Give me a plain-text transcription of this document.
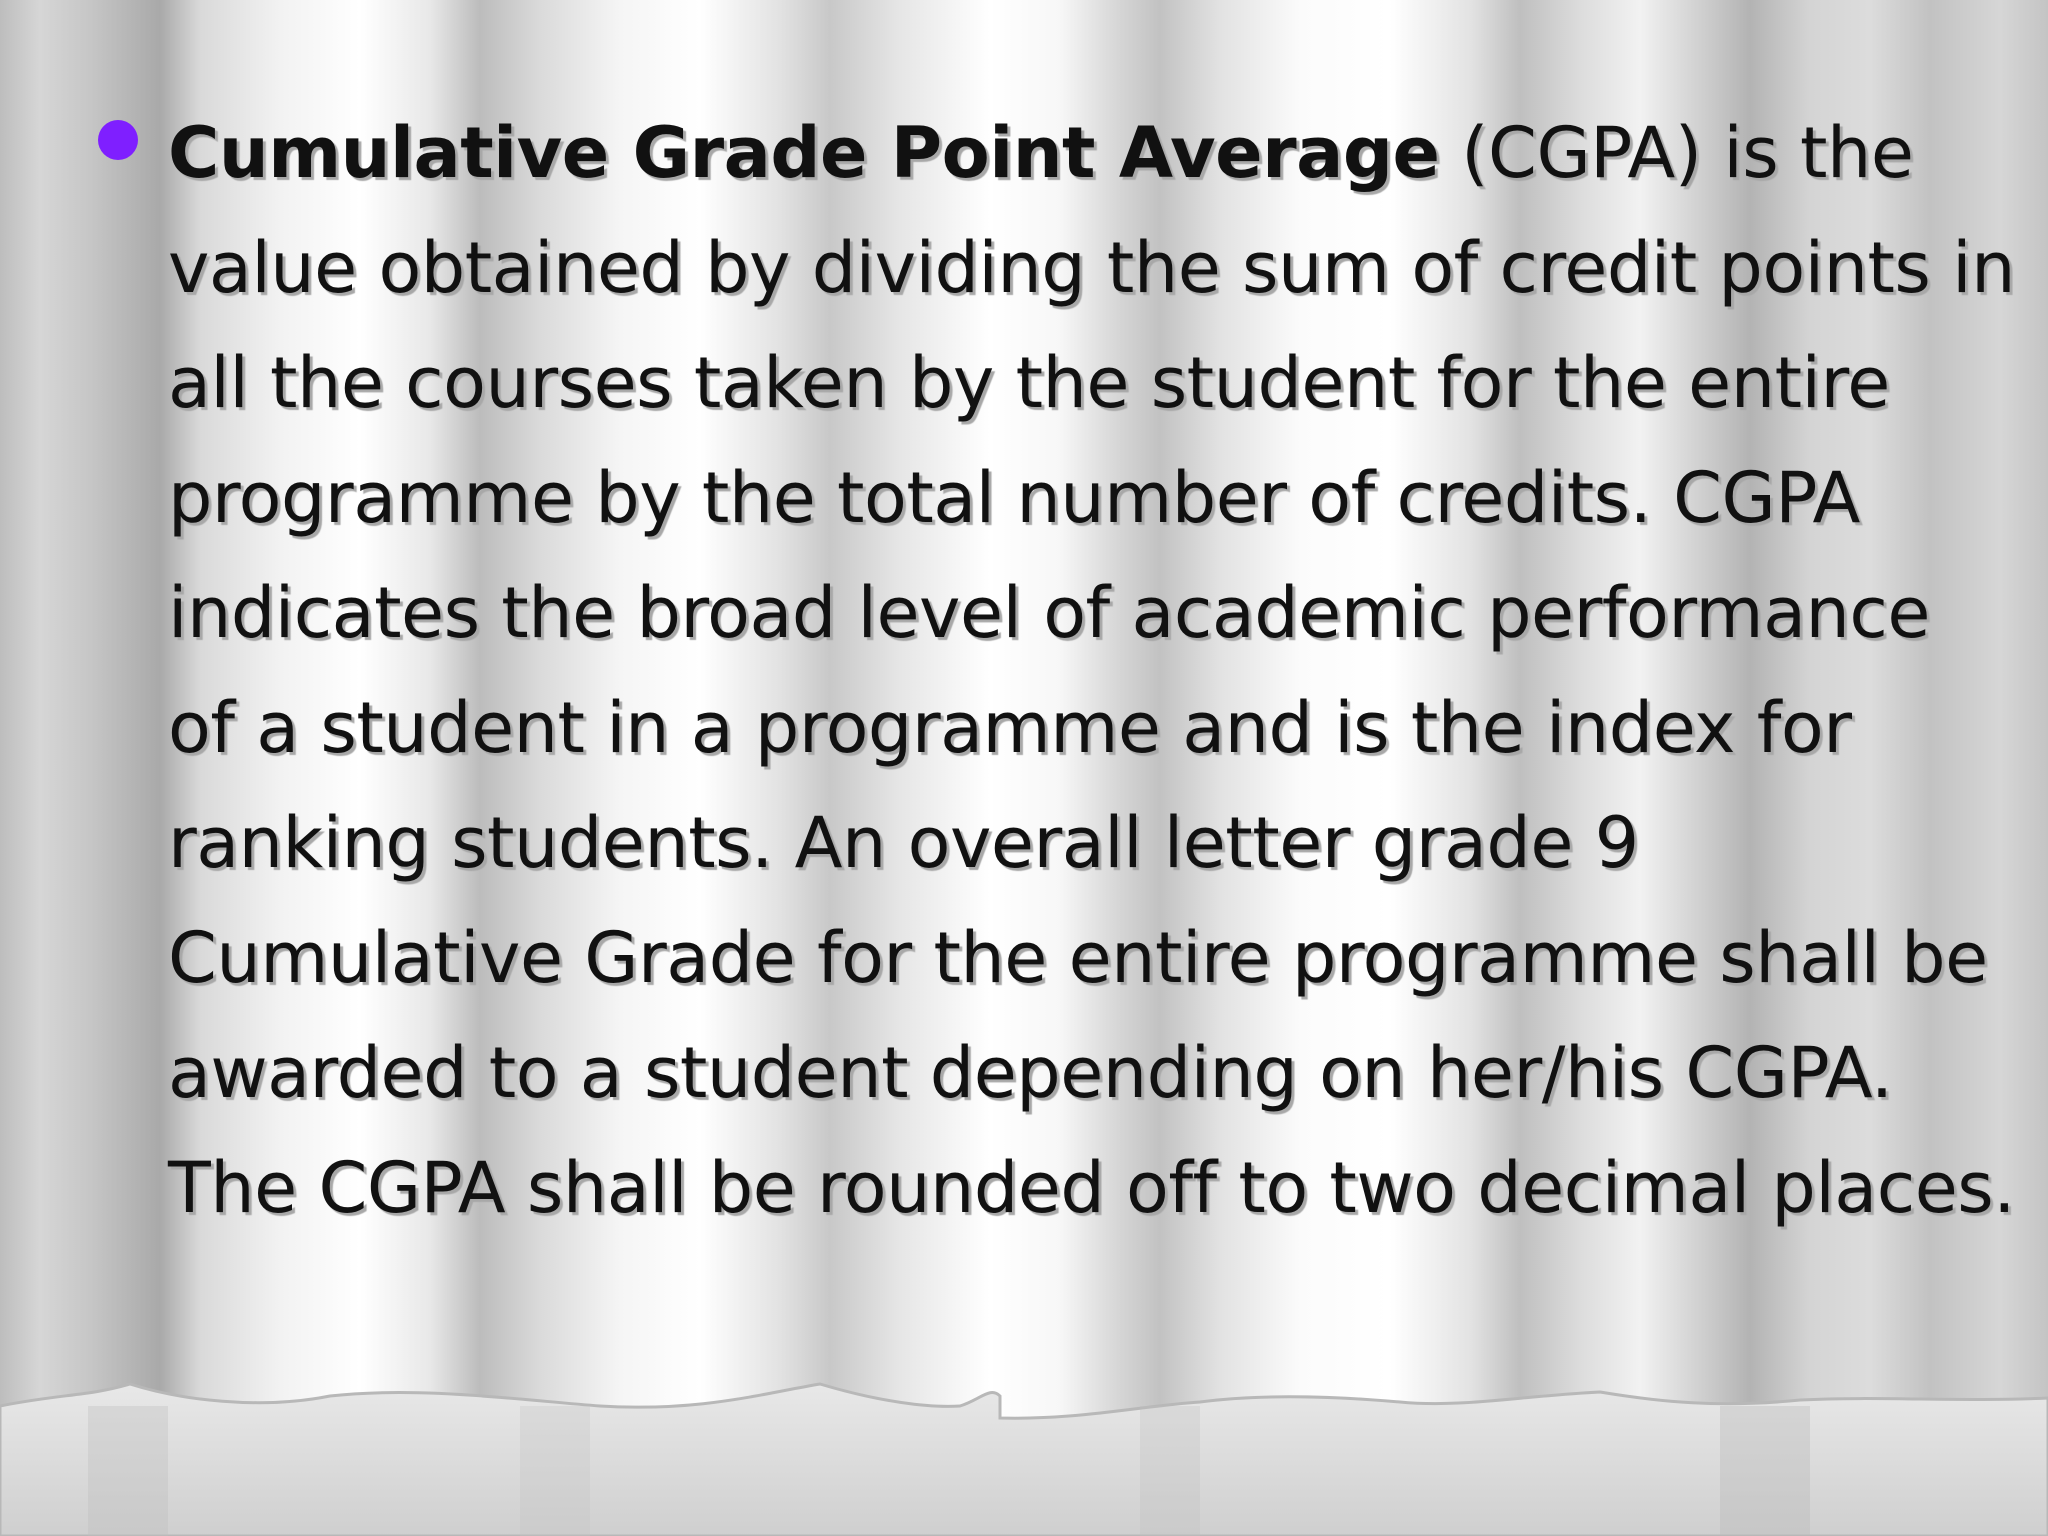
Cumulative Grade Point Average (CGPA) is the value obtained by dividing the sum of credit points in all the courses taken by the student for the entire programme by the total number of credits. CGPA indicates the broad level of academic performance of a student in a programme and is the index for ranking students. An overall letter grade 9 Cumulative Grade for the entire programme shall be awarded to a student depending on her/his CGPA. The CGPA shall be rounded off to two decimal places.
